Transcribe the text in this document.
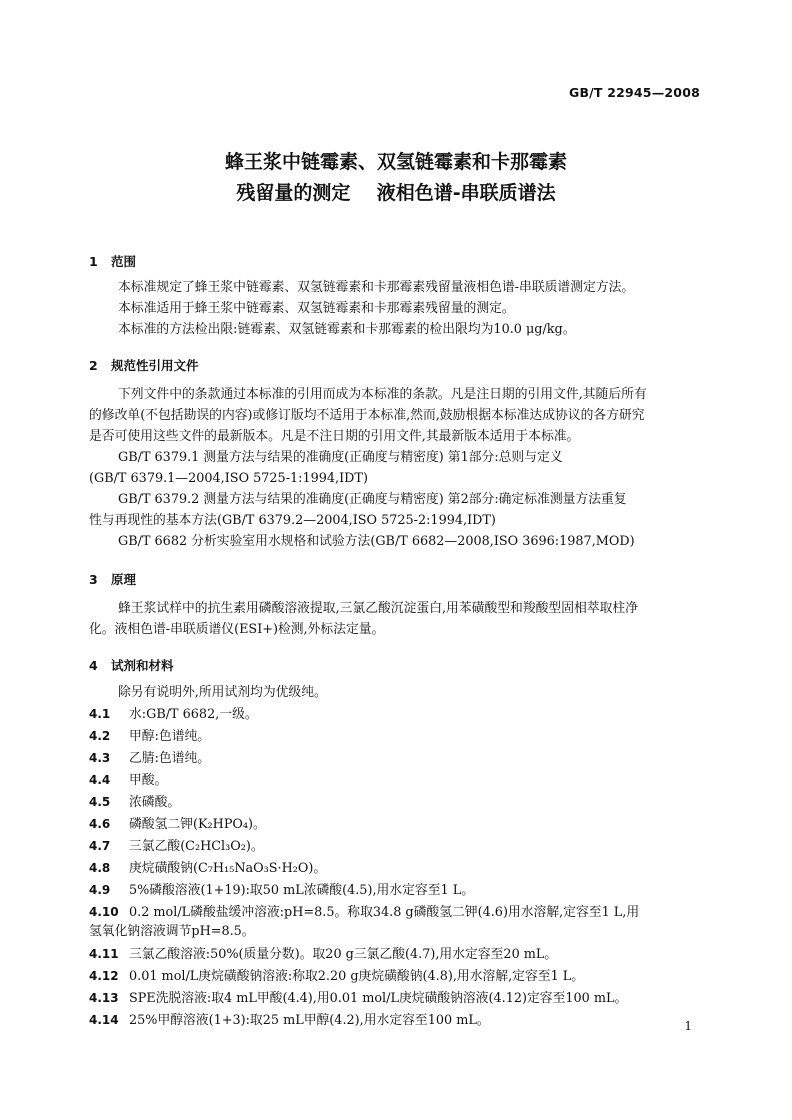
GB/T 22945—2008
蜂王浆中链霉素、双氢链霉素和卡那霉素
残留量的测定    液相色谱-串联质谱法
1 范围
本标准规定了蜂王浆中链霉素、双氢链霉素和卡那霉素残留量液相色谱-串联质谱测定方法。
本标准适用于蜂王浆中链霉素、双氢链霉素和卡那霉素残留量的测定。
本标准的方法检出限:链霉素、双氢链霉素和卡那霉素的检出限均为10.0 μg/kg。
2 规范性引用文件
下列文件中的条款通过本标准的引用而成为本标准的条款。凡是注日期的引用文件,其随后所有
的修改单(不包括勘误的内容)或修订版均不适用于本标准,然而,鼓励根据本标准达成协议的各方研究
是否可使用这些文件的最新版本。凡是不注日期的引用文件,其最新版本适用于本标准。
GB/T 6379.1 测量方法与结果的准确度(正确度与精密度) 第1部分:总则与定义
(GB/T 6379.1—2004,ISO 5725-1:1994,IDT)
GB/T 6379.2 测量方法与结果的准确度(正确度与精密度) 第2部分:确定标准测量方法重复
性与再现性的基本方法(GB/T 6379.2—2004,ISO 5725-2:1994,IDT)
GB/T 6682 分析实验室用水规格和试验方法(GB/T 6682—2008,ISO 3696:1987,MOD)
3 原理
蜂王浆试样中的抗生素用磷酸溶液提取,三氯乙酸沉淀蛋白,用苯磺酸型和羧酸型固相萃取柱净
化。液相色谱-串联质谱仪(ESI+)检测,外标法定量。
4 试剂和材料
除另有说明外,所用试剂均为优级纯。
4.1 水:GB/T 6682,一级。
4.2 甲醇:色谱纯。
4.3 乙腈:色谱纯。
4.4 甲酸。
4.5 浓磷酸。
4.6 磷酸氢二钾(K₂HPO₄)。
4.7 三氯乙酸(C₂HCl₃O₂)。
4.8 庚烷磺酸钠(C₇H₁₅NaO₃S·H₂O)。
4.9 5%磷酸溶液(1+19):取50 mL浓磷酸(4.5),用水定容至1 L。
4.10 0.2 mol/L磷酸盐缓冲溶液:pH=8.5。称取34.8 g磷酸氢二钾(4.6)用水溶解,定容至1 L,用
氢氧化钠溶液调节pH=8.5。
4.11 三氯乙酸溶液:50%(质量分数)。取20 g三氯乙酸(4.7),用水定容至20 mL。
4.12 0.01 mol/L庚烷磺酸钠溶液:称取2.20 g庚烷磺酸钠(4.8),用水溶解,定容至1 L。
4.13 SPE洗脱溶液:取4 mL甲酸(4.4),用0.01 mol/L庚烷磺酸钠溶液(4.12)定容至100 mL。
4.14 25%甲醇溶液(1+3):取25 mL甲醇(4.2),用水定容至100 mL。	1
